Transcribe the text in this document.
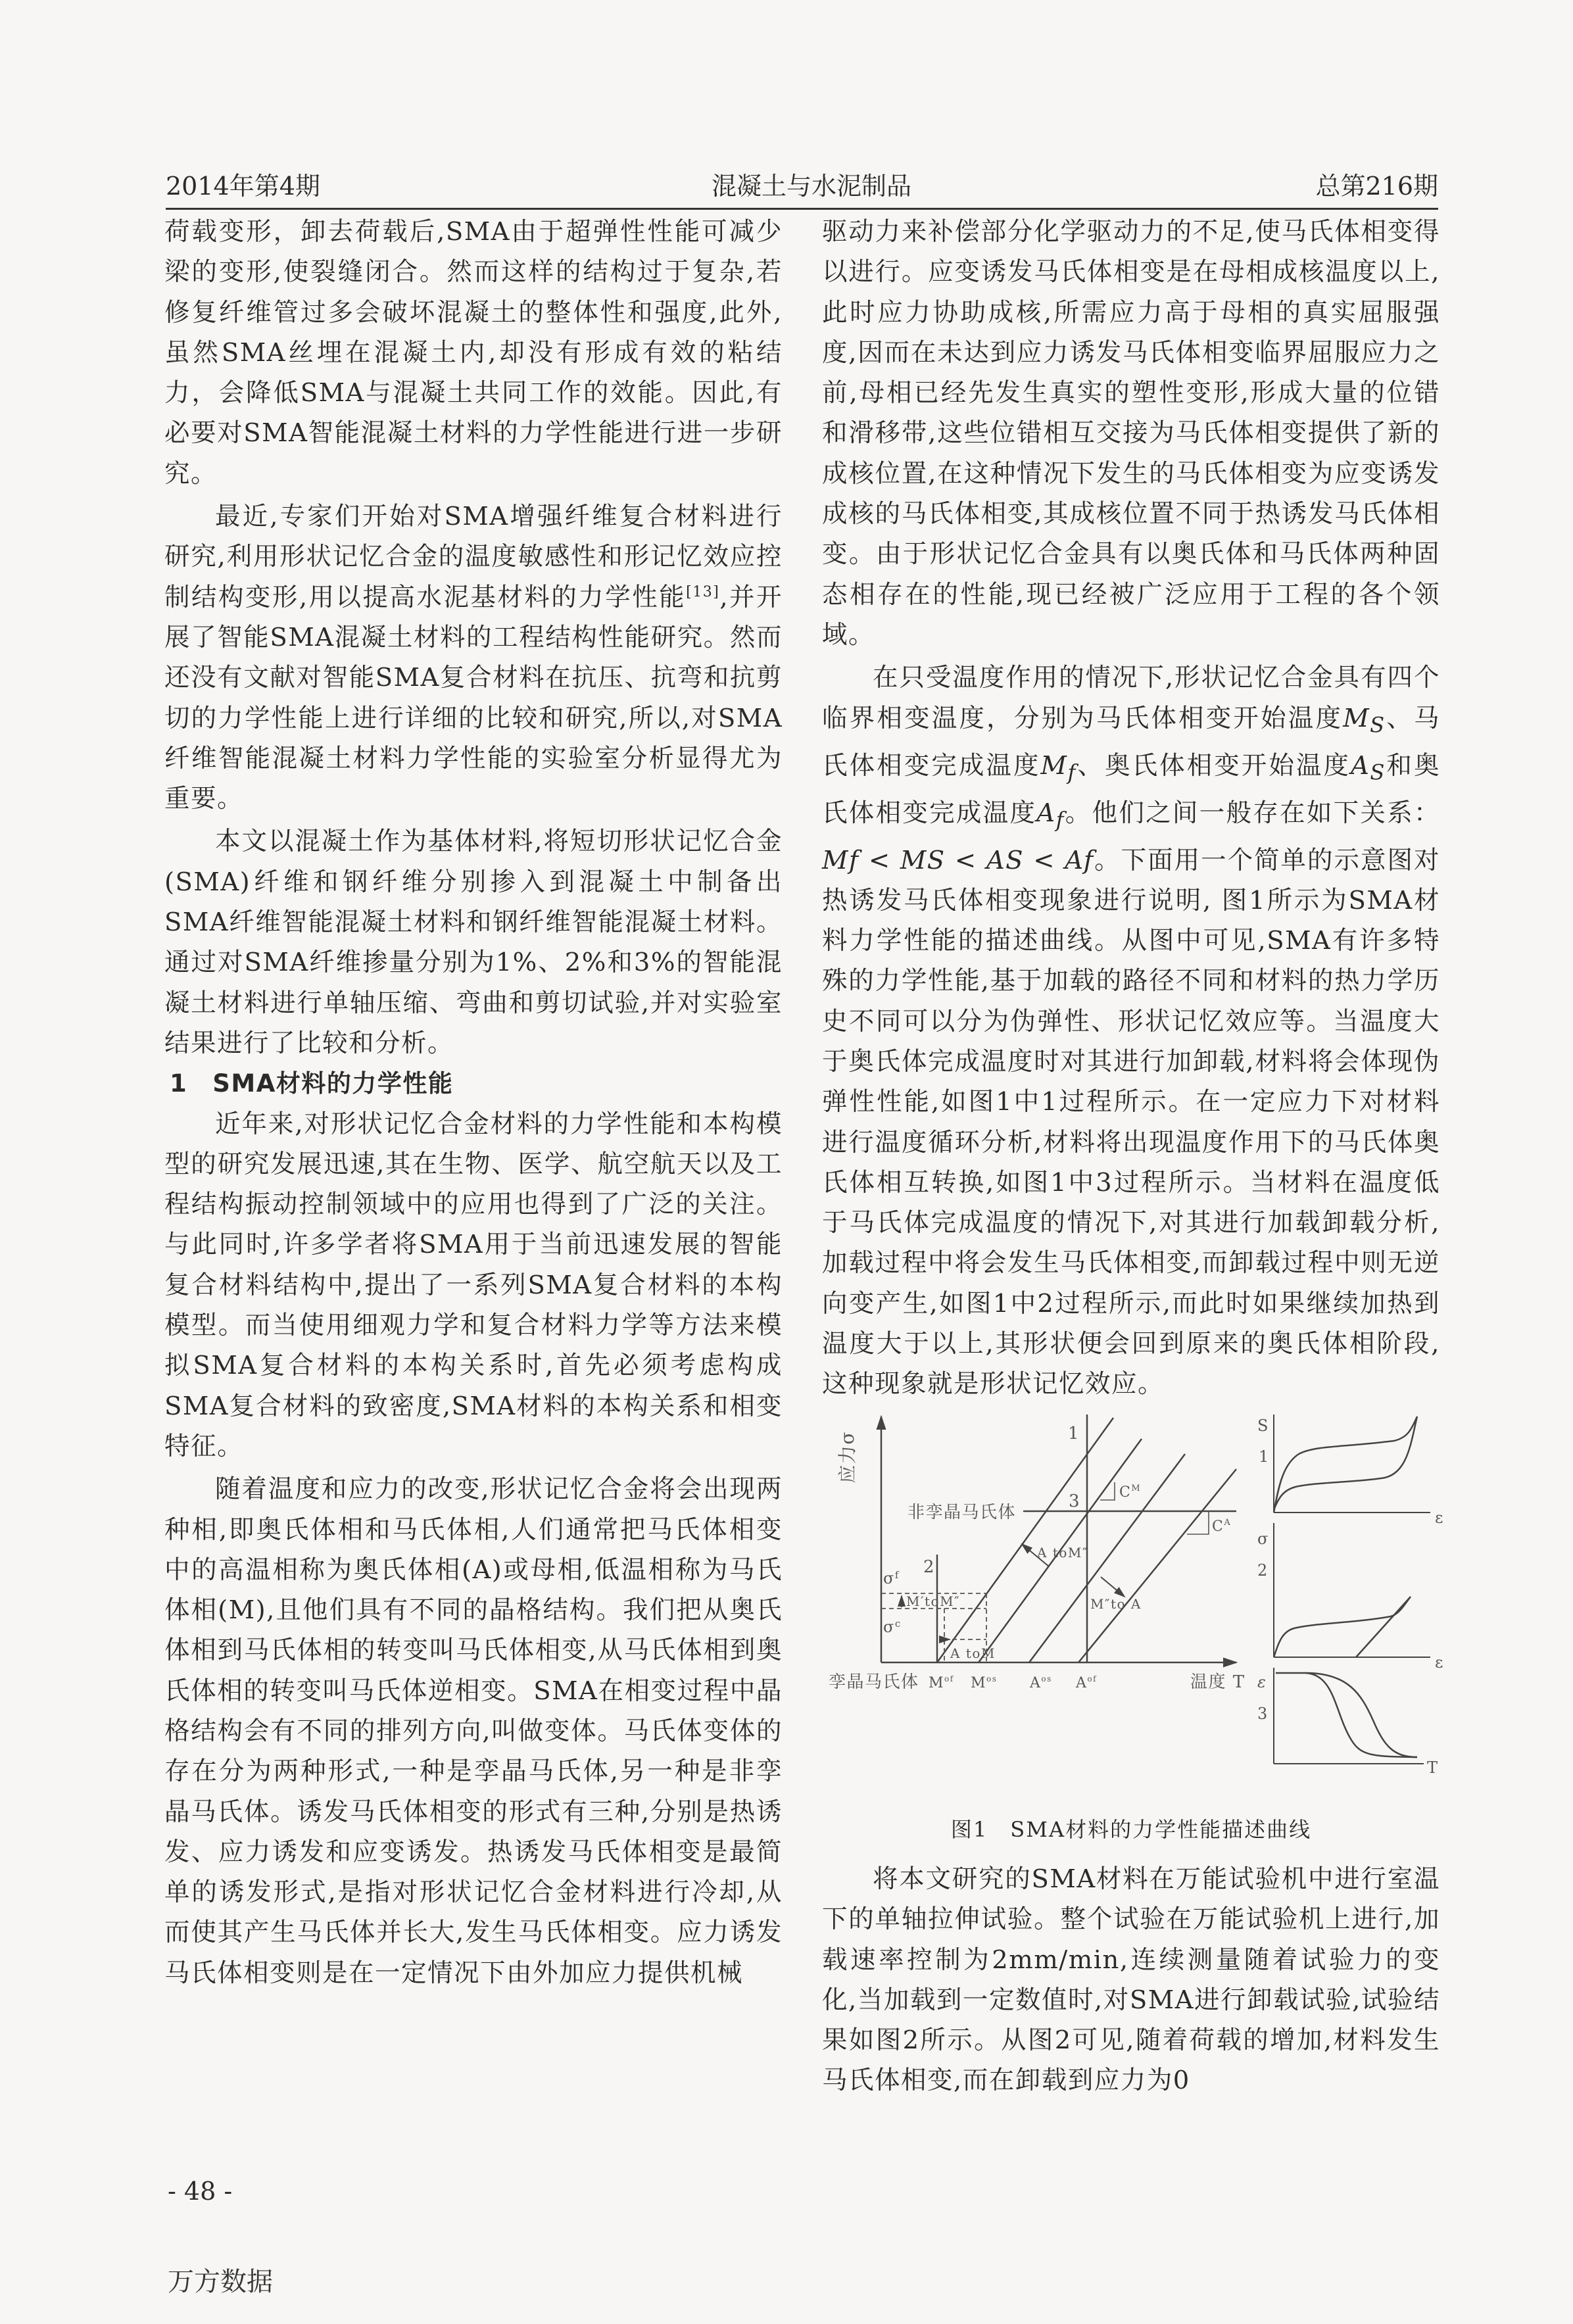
2014年第4期	混凝土与水泥制品	总第216期

荷载变形，卸去荷载后,SMA由于超弹性性能可减少梁的变形,使裂缝闭合。然而这样的结构过于复杂,若修复纤维管过多会破坏混凝土的整体性和强度,此外,虽然SMA丝埋在混凝土内,却没有形成有效的粘结力，会降低SMA与混凝土共同工作的效能。因此,有必要对SMA智能混凝土材料的力学性能进行进一步研究。

最近,专家们开始对SMA增强纤维复合材料进行研究,利用形状记忆合金的温度敏感性和形记忆效应控制结构变形,用以提高水泥基材料的力学性能[13],并开展了智能SMA混凝土材料的工程结构性能研究。然而还没有文献对智能SMA复合材料在抗压、抗弯和抗剪切的力学性能上进行详细的比较和研究,所以,对SMA纤维智能混凝土材料力学性能的实验室分析显得尤为重要。

本文以混凝土作为基体材料,将短切形状记忆合金(SMA)纤维和钢纤维分别掺入到混凝土中制备出SMA纤维智能混凝土材料和钢纤维智能混凝土材料。通过对SMA纤维掺量分别为1%、2%和3%的智能混凝土材料进行单轴压缩、弯曲和剪切试验,并对实验室结果进行了比较和分析。

1 SMA材料的力学性能

近年来,对形状记忆合金材料的力学性能和本构模型的研究发展迅速,其在生物、医学、航空航天以及工程结构振动控制领域中的应用也得到了广泛的关注。与此同时,许多学者将SMA用于当前迅速发展的智能复合材料结构中,提出了一系列SMA复合材料的本构模型。而当使用细观力学和复合材料力学等方法来模拟SMA复合材料的本构关系时,首先必须考虑构成SMA复合材料的致密度,SMA材料的本构关系和相变特征。

随着温度和应力的改变,形状记忆合金将会出现两种相,即奥氏体相和马氏体相,人们通常把马氏体相变中的高温相称为奥氏体相(A)或母相,低温相称为马氏体相(M),且他们具有不同的晶格结构。我们把从奥氏体相到马氏体相的转变叫马氏体相变,从马氏体相到奥氏体相的转变叫马氏体逆相变。SMA在相变过程中晶格结构会有不同的排列方向,叫做变体。马氏体变体的存在分为两种形式,一种是孪晶马氏体,另一种是非孪晶马氏体。诱发马氏体相变的形式有三种,分别是热诱发、应力诱发和应变诱发。热诱发马氏体相变是最简单的诱发形式,是指对形状记忆合金材料进行冷却,从而使其产生马氏体并长大,发生马氏体相变。应力诱发马氏体相变则是在一定情况下由外加应力提供机械

驱动力来补偿部分化学驱动力的不足,使马氏体相变得以进行。应变诱发马氏体相变是在母相成核温度以上,此时应力协助成核,所需应力高于母相的真实屈服强度,因而在未达到应力诱发马氏体相变临界屈服应力之前,母相已经先发生真实的塑性变形,形成大量的位错和滑移带,这些位错相互交接为马氏体相变提供了新的成核位置,在这种情况下发生的马氏体相变为应变诱发成核的马氏体相变,其成核位置不同于热诱发马氏体相变。由于形状记忆合金具有以奥氏体和马氏体两种固态相存在的性能,现已经被广泛应用于工程的各个领域。

在只受温度作用的情况下,形状记忆合金具有四个临界相变温度，分别为马氏体相变开始温度$M_S$、马氏体相变完成温度$M_f$、奥氏体相变开始温度$A_S$和奥氏体相变完成温度$A_f$。他们之间一般存在如下关系：Mf < MS < AS < Af。下面用一个简单的示意图对热诱发马氏体相变现象进行说明, 图1所示为SMA材料力学性能的描述曲线。从图中可见,SMA有许多特殊的力学性能,基于加载的路径不同和材料的热力学历史不同可以分为伪弹性、形状记忆效应等。当温度大于奥氏体完成温度时对其进行加卸载,材料将会体现伪弹性性能,如图1中1过程所示。在一定应力下对材料进行温度循环分析,材料将出现温度作用下的马氏体奥氏体相互转换,如图1中3过程所示。当材料在温度低于马氏体完成温度的情况下,对其进行加载卸载分析,加载过程中将会发生马氏体相变,而卸载过程中则无逆向变产生,如图1中2过程所示,而此时如果继续加热到温度大于以上,其形状便会回到原来的奥氏体相阶段,这种现象就是形状记忆效应。

应力σ
温度 T
1
2
3
非孪晶马氏体
孪晶马氏体
$\sigma^f$
$\sigma^c$
M′toM″
A toM
A toM″
M″to A
$C^M$
$C^A$
$M^{of}$ $M^{os}$ $A^{os}$ $A^{of}$
S
1
ε
σ
2
ε
ε
3
T

图1 SMA材料的力学性能描述曲线

将本文研究的SMA材料在万能试验机中进行室温下的单轴拉伸试验。整个试验在万能试验机上进行,加载速率控制为2mm/min,连续测量随着试验力的变化,当加载到一定数值时,对SMA进行卸载试验,试验结果如图2所示。从图2可见,随着荷载的增加,材料发生马氏体相变,而在卸载到应力为0

- 48 -
万方数据
